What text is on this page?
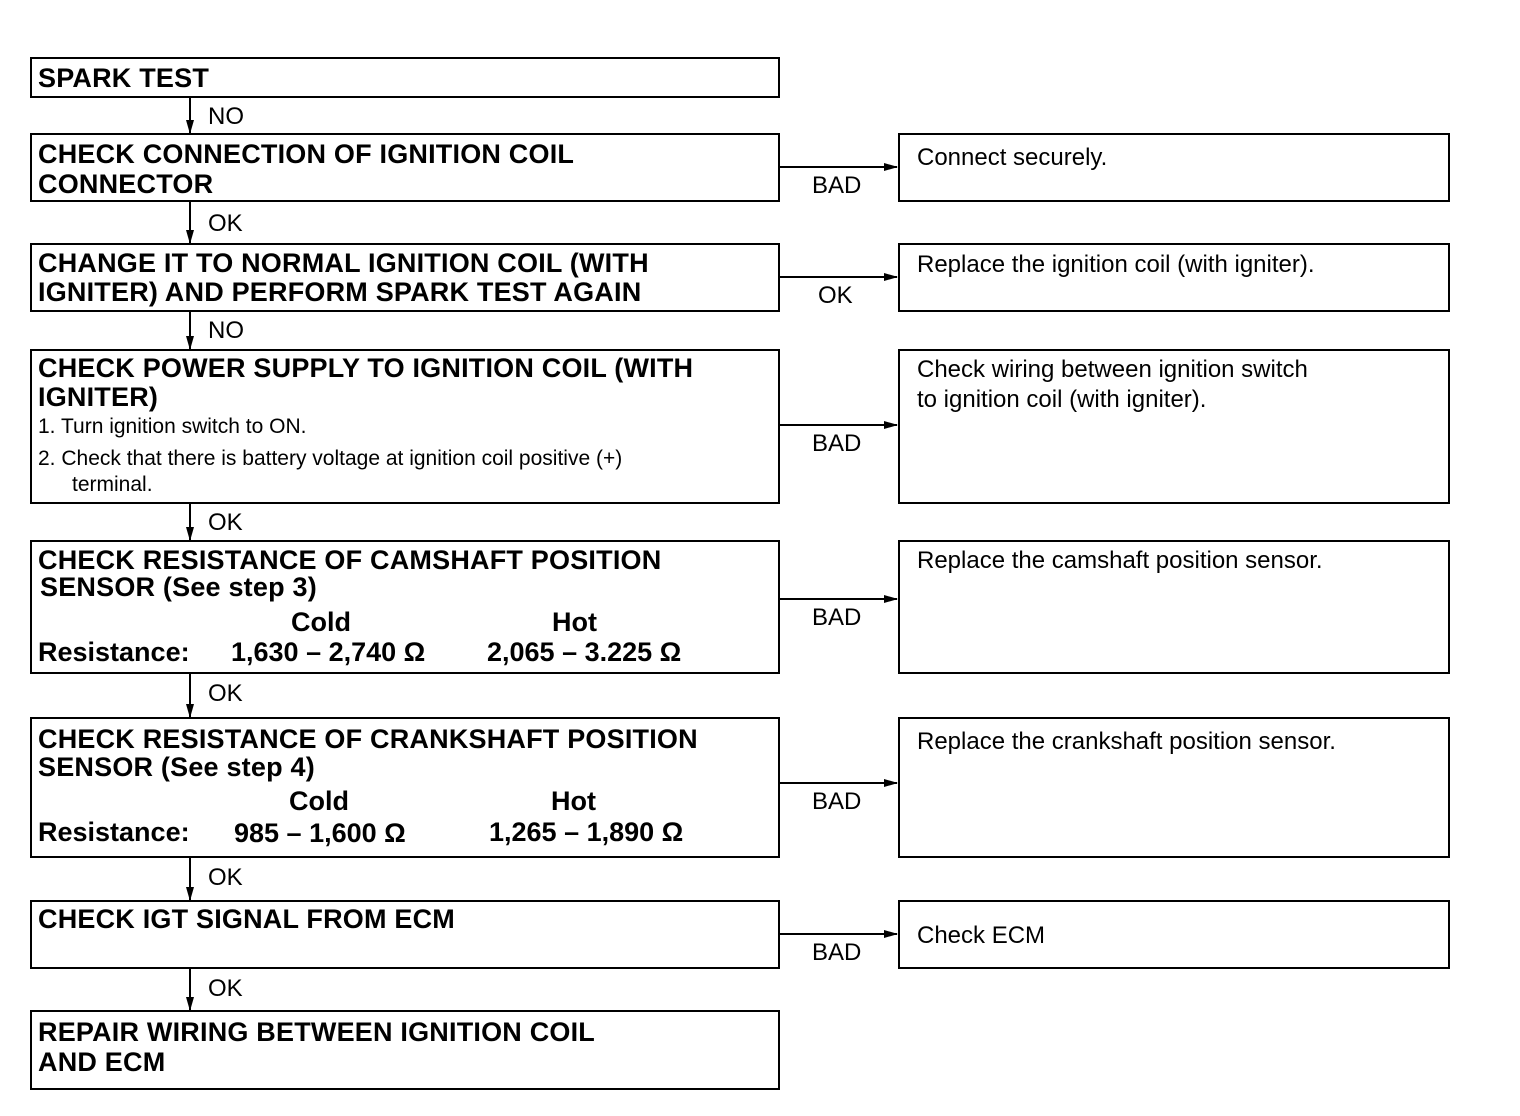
SPARK TEST
CHECK CONNECTION OF IGNITION COIL
CONNECTOR
CHANGE IT TO NORMAL IGNITION COIL (WITH
IGNITER) AND PERFORM SPARK TEST AGAIN
CHECK POWER SUPPLY TO IGNITION COIL (WITH
IGNITER)
1. Turn ignition switch to ON.
2. Check that there is battery voltage at ignition coil positive (+)
terminal.
CHECK RESISTANCE OF CAMSHAFT POSITION
SENSOR (See step 3)
Cold	Hot
Resistance: 1,630 – 2,740 Ω 2,065 – 3.225 Ω
CHECK RESISTANCE OF CRANKSHAFT POSITION
SENSOR (See step 4)
Cold	Hot
Resistance: 985 – 1,600 Ω	1,265 – 1,890 Ω
CHECK IGT SIGNAL FROM ECM
REPAIR WIRING BETWEEN IGNITION COIL
AND ECM
NO
OK
NO
OK
OK
OK
OK
BAD
OK
BAD
BAD
BAD
BAD
Connect securely.
Replace the ignition coil (with igniter).
Check wiring between ignition switch
to ignition coil (with igniter).
Replace the camshaft position sensor.
Replace the crankshaft position sensor.
Check ECM
